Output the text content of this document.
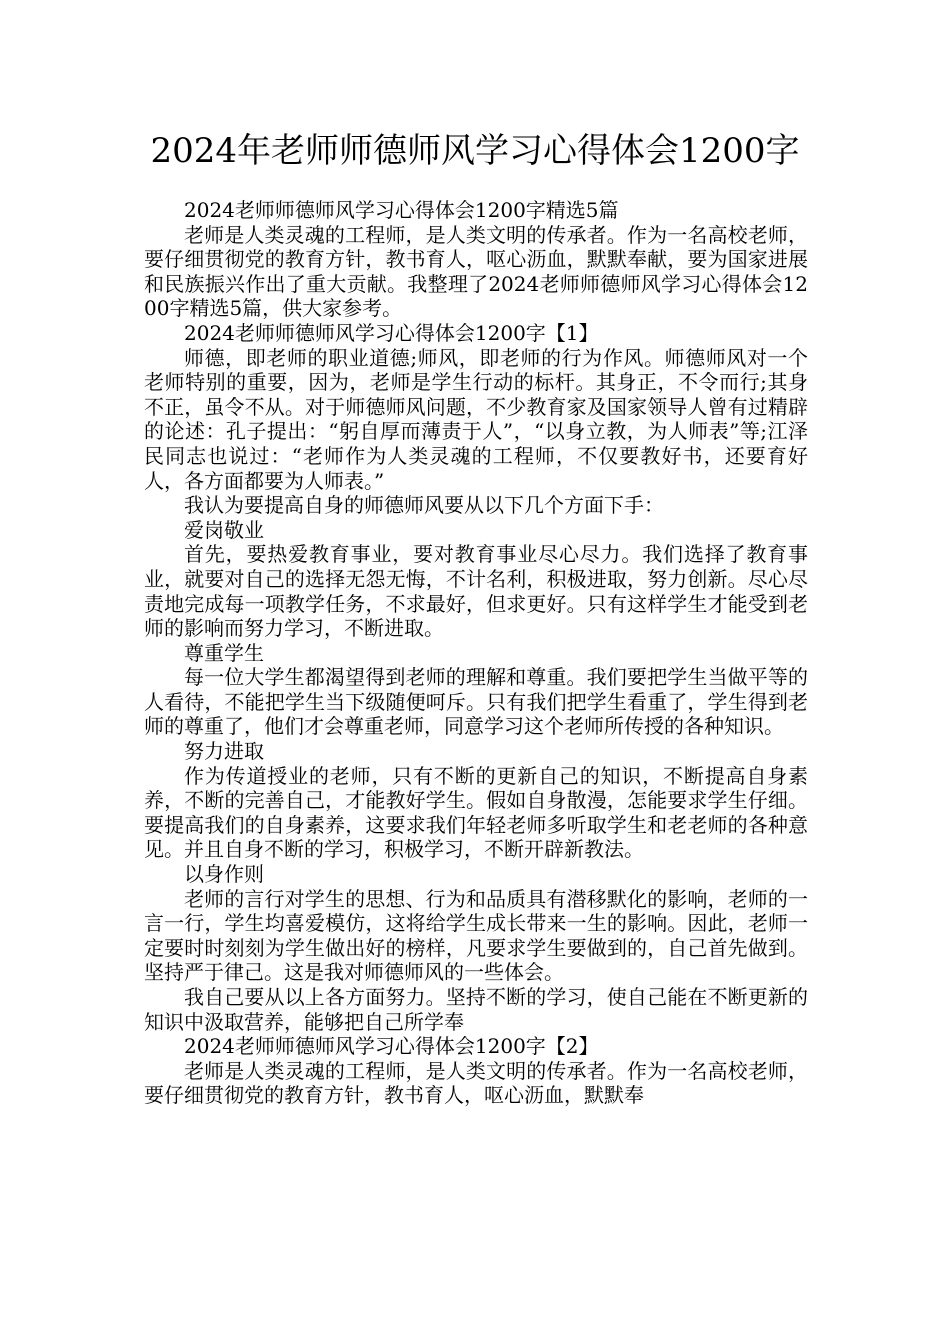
2024年老师师德师风学习心得体会1200字

2024老师师德师风学习心得体会1200字精选5篇

老师是人类灵魂的工程师，是人类文明的传承者。作为一名高校老师，要仔细贯彻党的教育方针，教书育人，呕心沥血，默默奉献，要为国家进展和民族振兴作出了重大贡献。我整理了2024老师师德师风学习心得体会1200字精选5篇，供大家参考。

2024老师师德师风学习心得体会1200字【1】

师德，即老师的职业道德;师风，即老师的行为作风。师德师风对一个老师特别的重要，因为，老师是学生行动的标杆。其身正，不令而行;其身不正，虽令不从。对于师德师风问题，不少教育家及国家领导人曾有过精辟的论述：孔子提出：“躬自厚而薄责于人”，“以身立教，为人师表”等;江泽民同志也说过：“老师作为人类灵魂的工程师，不仅要教好书，还要育好人，各方面都要为人师表。”

我认为要提高自身的师德师风要从以下几个方面下手：

爱岗敬业

首先，要热爱教育事业，要对教育事业尽心尽力。我们选择了教育事业，就要对自己的选择无怨无悔，不计名利，积极进取，努力创新。尽心尽责地完成每一项教学任务，不求最好，但求更好。只有这样学生才能受到老师的影响而努力学习，不断进取。

尊重学生

每一位大学生都渴望得到老师的理解和尊重。我们要把学生当做平等的人看待，不能把学生当下级随便呵斥。只有我们把学生看重了，学生得到老师的尊重了，他们才会尊重老师，同意学习这个老师所传授的各种知识。

努力进取

作为传道授业的老师，只有不断的更新自己的知识，不断提高自身素养，不断的完善自己，才能教好学生。假如自身散漫，怎能要求学生仔细。要提高我们的自身素养，这要求我们年轻老师多听取学生和老老师的各种意见。并且自身不断的学习，积极学习，不断开辟新教法。

以身作则

老师的言行对学生的思想、行为和品质具有潜移默化的影响，老师的一言一行，学生均喜爱模仿，这将给学生成长带来一生的影响。因此，老师一定要时时刻刻为学生做出好的榜样，凡要求学生要做到的，自己首先做到。坚持严于律己。这是我对师德师风的一些体会。

我自己要从以上各方面努力。坚持不断的学习，使自己能在不断更新的知识中汲取营养，能够把自己所学奉

2024老师师德师风学习心得体会1200字【2】

老师是人类灵魂的工程师，是人类文明的传承者。作为一名高校老师，要仔细贯彻党的教育方针，教书育人，呕心沥血，默默奉
